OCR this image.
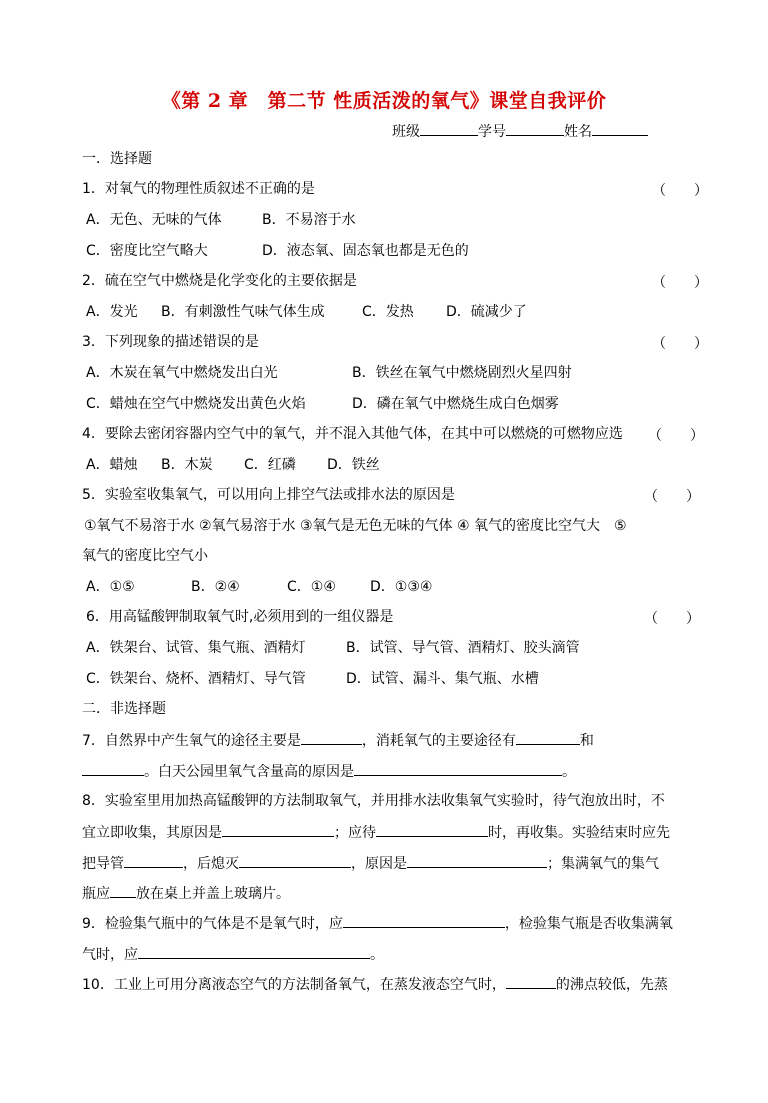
《第 2 章　第二节 性质活泼的氧气》课堂自我评价
班级	学号	姓名
一．选择题
1．对氧气的物理性质叙述不正确的是	（　　）
A．无色、无味的气体	B．不易溶于水
C．密度比空气略大	D．液态氧、固态氧也都是无色的
2．硫在空气中燃烧是化学变化的主要依据是	（　　）
A．发光 B．有刺激性气味气体生成	C．发热 D．硫减少了
3．下列现象的描述错误的是	（　　）
A．木炭在氧气中燃烧发出白光	B．铁丝在氧气中燃烧剧烈火星四射
C．蜡烛在空气中燃烧发出黄色火焰	D．磷在氧气中燃烧生成白色烟雾
4．要除去密闭容器内空气中的氧气，并不混入其他气体，在其中可以燃烧的可燃物应选 （　　）
A．蜡烛 B．木炭 C．红磷 D．铁丝
5．实验室收集氧气，可以用向上排空气法或排水法的原因是	（　　）
①氧气不易溶于水 ②氧气易溶于水 ③氧气是无色无味的气体 ④ 氧气的密度比空气大　⑤
氧气的密度比空气小
A．①⑤	B．②④	C．①④ D．①③④
6．用高锰酸钾制取氧气时,必须用到的一组仪器是	（　　）
A．铁架台、试管、集气瓶、酒精灯	B．试管、导气管、酒精灯、胶头滴管
C．铁架台、烧杯、酒精灯、导气管	D．试管、漏斗、集气瓶、水槽
二．非选择题
7．自然界中产生氧气的途径主要是	，消耗氧气的主要途径有	和
。白天公园里氧气含量高的原因是	。
8．实验室里用加热高锰酸钾的方法制取氧气，并用排水法收集氧气实验时，待气泡放出时，不
宜立即收集，其原因是	；应待	时，再收集。实验结束时应先
把导管	，后熄灭	，原因是	；集满氧气的集气
瓶应 放在桌上并盖上玻璃片。
9．检验集气瓶中的气体是不是氧气时，应	，检验集气瓶是否收集满氧
气时，应	。
10．工业上可用分离液态空气的方法制备氧气，在蒸发液态空气时，	的沸点较低，先蒸
